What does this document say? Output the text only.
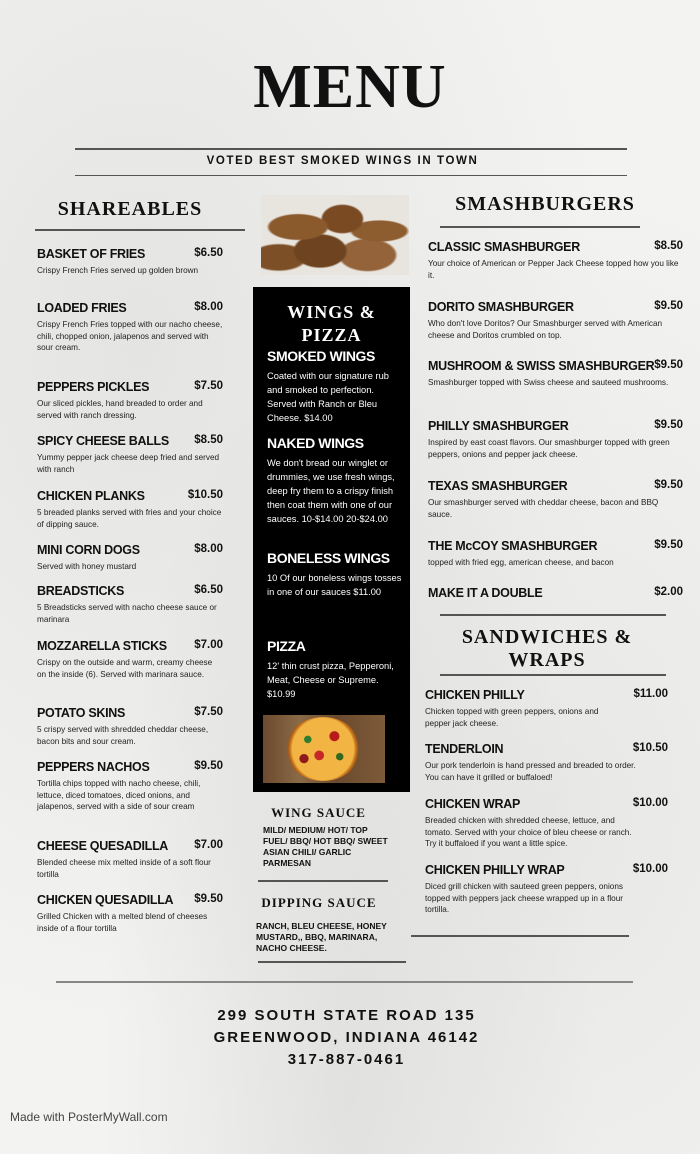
MENU
VOTED BEST SMOKED WINGS IN TOWN
SHAREABLES
BASKET OF FRIES	$6.50
Crispy French Fries served up golden brown
LOADED FRIES	$8.00
Crispy French Fries topped with our nacho cheese, chili, chopped onion, jalapenos and served with sour cream.
PEPPERS PICKLES	$7.50
Our sliced pickles, hand breaded to order and served with ranch dressing.
SPICY CHEESE BALLS	$8.50
Yummy pepper jack cheese deep fried and served with ranch
CHICKEN PLANKS	$10.50
5 breaded planks served with fries and your choice of dipping sauce.
MINI CORN DOGS	$8.00
Served with honey mustard
BREADSTICKS	$6.50
5 Breadsticks served with nacho cheese sauce or marinara
MOZZARELLA STICKS	$7.00
Crispy on the outside and warm, creamy cheese on the inside (6). Served with marinara sauce.
POTATO SKINS	$7.50
5 crispy served with shredded cheddar cheese, bacon bits and sour cream.
PEPPERS NACHOS	$9.50
Tortilla chips topped with nacho cheese, chili, lettuce, diced tomatoes, diced onions, and jalapenos, served with a side of sour cream
CHEESE QUESADILLA	$7.00
Blended cheese mix melted inside of a soft flour tortilla
CHICKEN QUESADILLA	$9.50
Grilled Chicken with a melted blend of cheeses inside of a flour tortilla
WINGS &
PIZZA
SMOKED WINGS
Coated with our signature rub and smoked to perfection. Served with Ranch or Bleu Cheese. $14.00
NAKED WINGS
We don't bread our winglet or drummies, we use fresh wings, deep fry them to a crispy finish then coat them with one of our sauces. 10-$14.00 20-$24.00
BONELESS WINGS
10 Of our boneless wings tosses in one of our sauces $11.00
PIZZA
12' thin crust pizza, Pepperoni, Meat, Cheese or Supreme. $10.99
WING SAUCE
MILD/ MEDIUM/ HOT/ TOP FUEL/ BBQ/ HOT BBQ/ SWEET ASIAN CHILI/ GARLIC PARMESAN
DIPPING SAUCE
RANCH, BLEU CHEESE, HONEY MUSTARD,, BBQ, MARINARA, NACHO CHEESE.
SMASHBURGERS
CLASSIC SMASHBURGER	$8.50
Your choice of American or Pepper Jack Cheese topped how you like it.
DORITO SMASHBURGER	$9.50
Who don't love Doritos? Our Smashburger served with American cheese and Doritos crumbled on top.
MUSHROOM & SWISS SMASHBURGER $9.50
Smashburger topped with Swiss cheese and sauteed mushrooms.
PHILLY SMASHBURGER	$9.50
Inspired by east coast flavors. Our smashburger topped with green peppers, onions and pepper jack cheese.
TEXAS SMASHBURGER	$9.50
Our smashburger served with cheddar cheese, bacon and BBQ sauce.
THE McCOY SMASHBURGER	$9.50
topped with fried egg, american cheese, and bacon
MAKE IT A DOUBLE	$2.00
SANDWICHES &
WRAPS
CHICKEN PHILLY	$11.00
Chicken topped with green peppers, onions and pepper jack cheese.
TENDERLOIN	$10.50
Our pork tenderloin is hand pressed and breaded to order. You can have it grilled or buffaloed!
CHICKEN WRAP	$10.00
Breaded chicken with shredded cheese, lettuce, and tomato. Served with your choice of bleu cheese or ranch. Try it buffaloed if you want a little spice.
CHICKEN PHILLY WRAP	$10.00
Diced grill chicken with sauteed green peppers, onions topped with peppers jack cheese wrapped up in a flour tortilla.
299 SOUTH STATE ROAD 135
GREENWOOD, INDIANA 46142
317-887-0461
Made with PosterMyWall.com
